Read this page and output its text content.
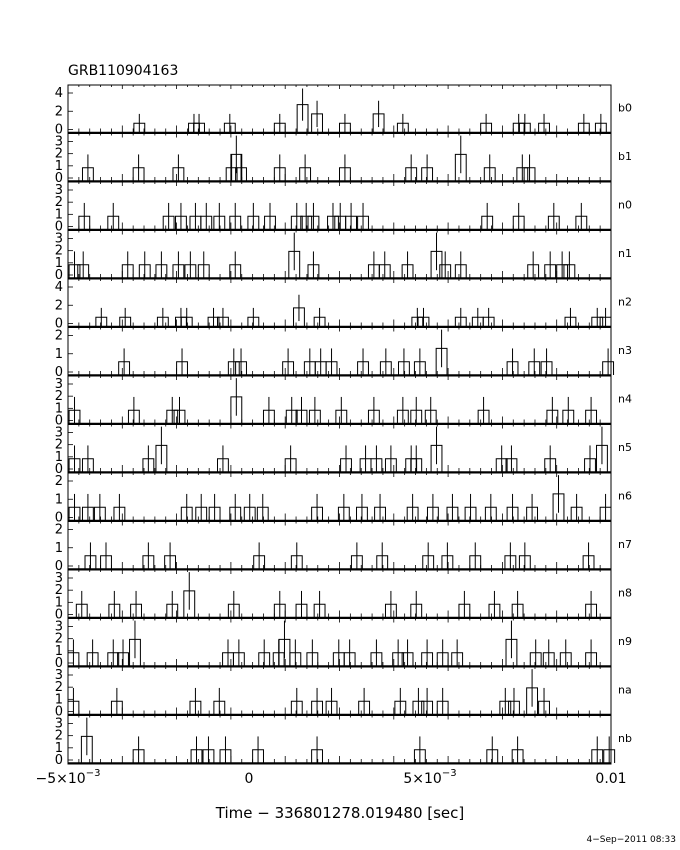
GRB110904163
4
2
0
b0
3
2
1
0
b1
3
2
1
0
n0
3
2
1
0
n1
4
2
0
n2
2
1
0
n3
3
2
1
0
n4
3
2
1
0
n5
2
1
0
n6
2
1
0
n7
3
2
1
0
n8
3
2
1
0
n9
3
2
1
0
na
3
2
1
0
nb
$-5\times 10^{-3}$	0	$5\times 10^{-3}$	0.01
Time − 336801278.019480 [sec]
4−Sep−2011 08:33
